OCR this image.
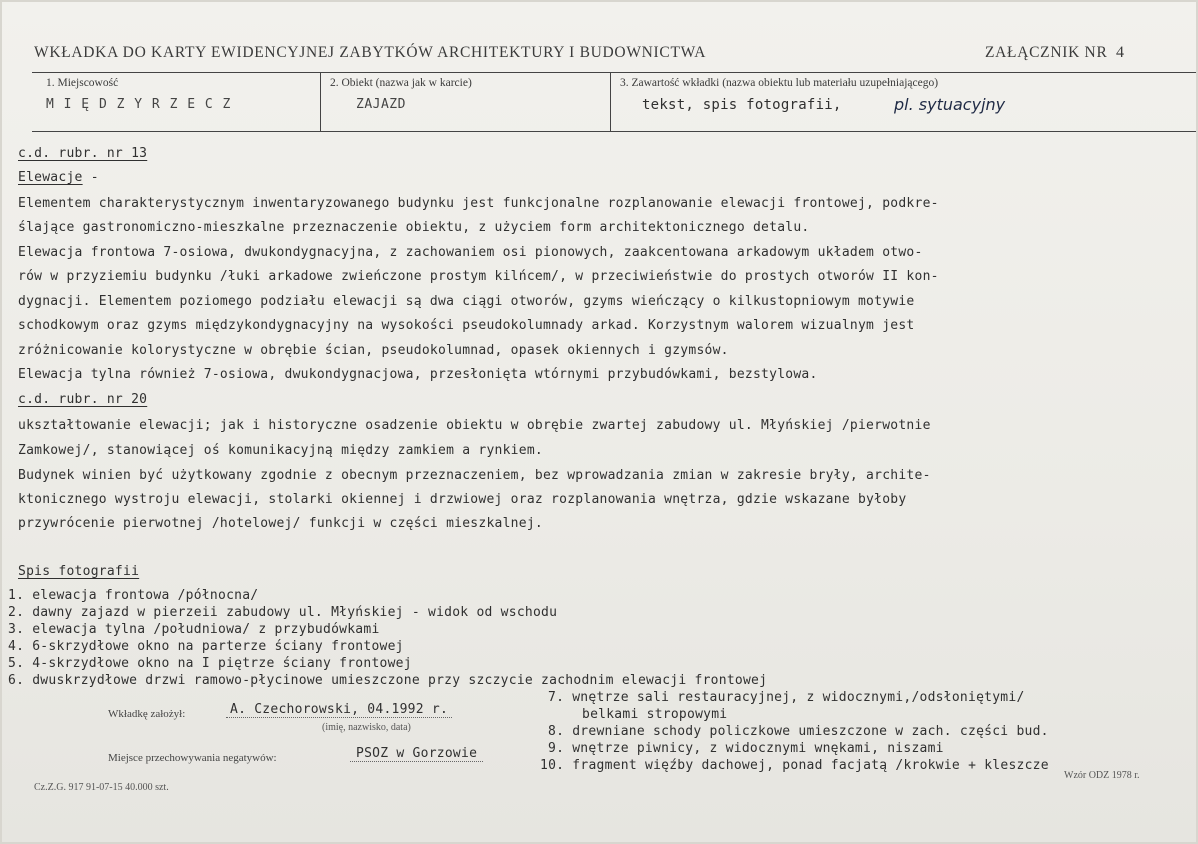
WKŁADKA DO KARTY EWIDENCYJNEJ ZABYTKÓW ARCHITEKTURY I BUDOWNICTWA	ZAŁĄCZNIK NR 4
1. Miejscowość
M I Ę D Z Y R Z E C Z
2. Obiekt (nazwa jak w karcie)
ZAJAZD
3. Zawartość wkładki (nazwa obiektu lub materiału uzupełniającego)
tekst, spis fotografii,	pl. sytuacyjny
c.d. rubr. nr 13
Elewacje -
Elementem charakterystycznym inwentaryzowanego budynku jest funkcjonalne rozplanowanie elewacji frontowej, podkre-
ślające gastronomiczno-mieszkalne przeznaczenie obiektu, z użyciem form architektonicznego detalu.
Elewacja frontowa 7-osiowa, dwukondygnacyjna, z zachowaniem osi pionowych, zaakcentowana arkadowym układem otwo-
rów w przyziemiu budynku /łuki arkadowe zwieńczone prostym kilńcem/, w przeciwieństwie do prostych otworów II kon-
dygnacji. Elementem poziomego podziału elewacji są dwa ciągi otworów, gzyms wieńczący o kilkustopniowym motywie
schodkowym oraz gzyms międzykondygnacyjny na wysokości pseudokolumnady arkad. Korzystnym walorem wizualnym jest
zróżnicowanie kolorystyczne w obrębie ścian, pseudokolumnad, opasek okiennych i gzymsów.
Elewacja tylna również 7-osiowa, dwukondygnacjowa, przesłonięta wtórnymi przybudówkami, bezstylowa.
c.d. rubr. nr 20
ukształtowanie elewacji; jak i historyczne osadzenie obiektu w obrębie zwartej zabudowy ul. Młyńskiej /pierwotnie
Zamkowej/, stanowiącej oś komunikacyjną między zamkiem a rynkiem.
Budynek winien być użytkowany zgodnie z obecnym przeznaczeniem, bez wprowadzania zmian w zakresie bryły, archite-
ktonicznego wystroju elewacji, stolarki okiennej i drzwiowej oraz rozplanowania wnętrza, gdzie wskazane byłoby
przywrócenie pierwotnej /hotelowej/ funkcji w części mieszkalnej.
Spis fotografii
1. elewacja frontowa /północna/
2. dawny zajazd w pierzeii zabudowy ul. Młyńskiej - widok od wschodu
3. elewacja tylna /południowa/ z przybudówkami
4. 6-skrzydłowe okno na parterze ściany frontowej
5. 4-skrzydłowe okno na I piętrze ściany frontowej
6. dwuskrzydłowe drzwi ramowo-płycinowe umieszczone przy szczycie zachodnim elewacji frontowej
7. wnętrze sali restauracyjnej, z widocznymi,/odsłoniętymi/
belkami stropowymi
8. drewniane schody policzkowe umieszczone w zach. części bud.
9. wnętrze piwnicy, z widocznymi wnękami, niszami
10. fragment więźby dachowej, ponad facjatą /krokwie + kleszcze
Wkładkę założył:	A. Czechorowski, 04.1992 r.
(imię, nazwisko, data)
Miejsce przechowywania negatywów:	PSOZ w Gorzowie
Cz.Z.G. 917 91-07-15 40.000 szt.
Wzór ODZ 1978 r.
